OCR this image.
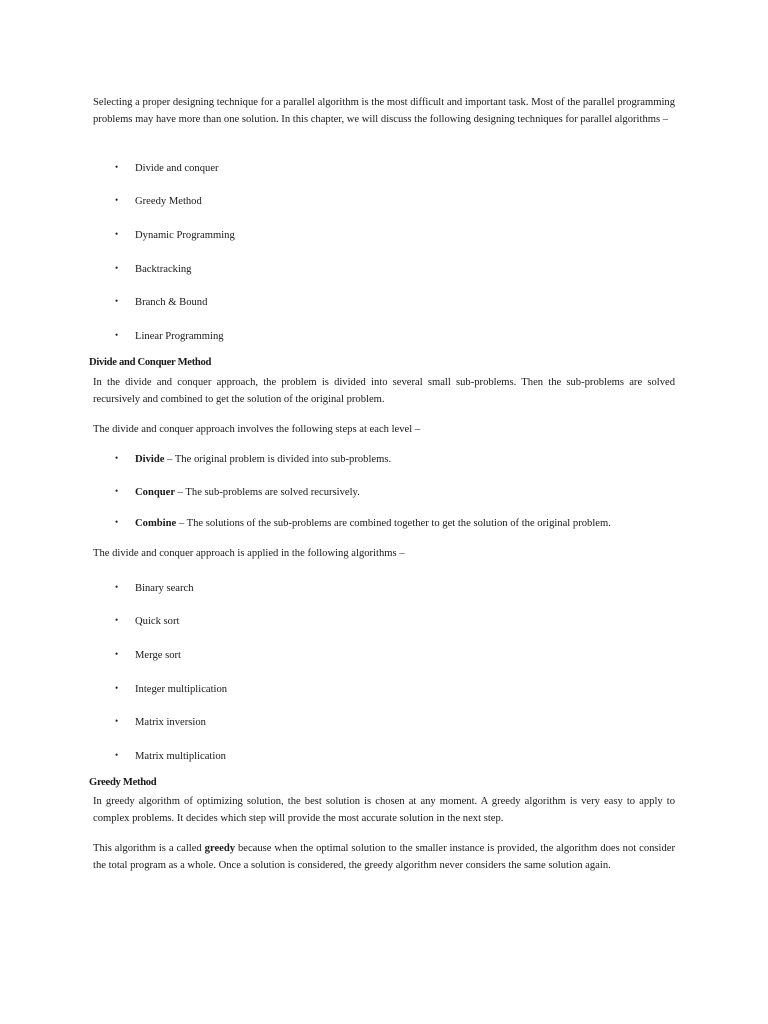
Selecting a proper designing technique for a parallel algorithm is the most difficult and important task. Most of the parallel programming problems may have more than one solution. In this chapter, we will discuss the following designing techniques for parallel algorithms –

• Divide and conquer
• Greedy Method
• Dynamic Programming
• Backtracking
• Branch & Bound
• Linear Programming
Divide and Conquer Method

In the divide and conquer approach, the problem is divided into several small sub-problems. Then the sub-problems are solved recursively and combined to get the solution of the original problem.

The divide and conquer approach involves the following steps at each level –

• Divide – The original problem is divided into sub-problems.
• Conquer – The sub-problems are solved recursively.
• Combine – The solutions of the sub-problems are combined together to get the solution of the original problem.

The divide and conquer approach is applied in the following algorithms –

• Binary search
• Quick sort
• Merge sort
• Integer multiplication
• Matrix inversion
• Matrix multiplication
Greedy Method

In greedy algorithm of optimizing solution, the best solution is chosen at any moment. A greedy algorithm is very easy to apply to complex problems. It decides which step will provide the most accurate solution in the next step.

This algorithm is a called greedy because when the optimal solution to the smaller instance is provided, the algorithm does not consider the total program as a whole. Once a solution is considered, the greedy algorithm never considers the same solution again.
